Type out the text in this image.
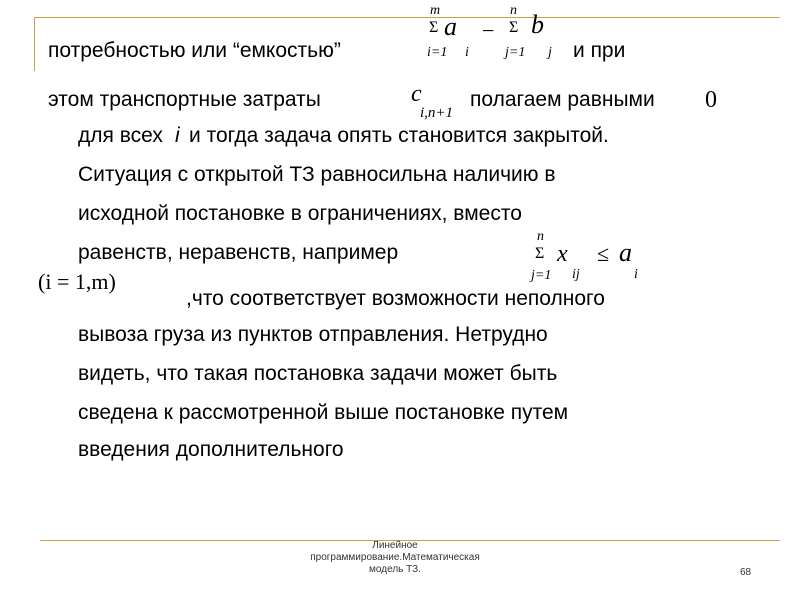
m
Σ a
i=1 i
−
n
Σ b
j=1 j
потребностью или “емкостью”	и при
этом транспортные затраты	c
i,n+1
полагаем равными 0
для всех i и тогда задача опять становится закрытой.
Ситуация с открытой ТЗ равносильна наличию в
исходной постановке в ограничениях, вместо
равенств, неравенств, например
n
Σ x
j=1 ij
≤ a
i
(i = 1,m)
,что соответствует возможности неполного
вывоза груза из пунктов отправления. Нетрудно
видеть, что такая постановка задачи может быть
сведена к рассмотренной выше постановке путем
введения дополнительного
Линейное
программирование.Математическая
модель ТЗ.	68
